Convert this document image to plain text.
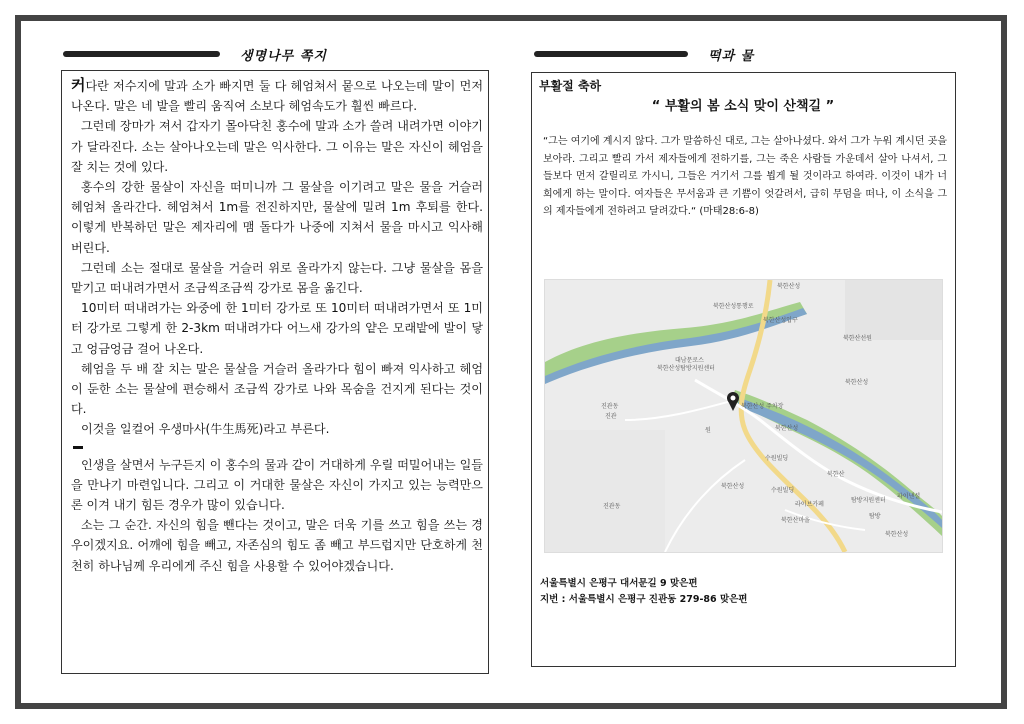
생명나무 쪽지	떡과 물

커다란 저수지에 말과 소가 빠지면 둘 다 헤엄쳐서 뭍으로 나오는데 말이 먼저 나온다. 말은 네 발을 빨리 움직여 소보다 헤엄속도가 훨씬 빠르다.

그런데 장마가 져서 갑자기 몰아닥친 홍수에 말과 소가 쓸려 내려가면 이야기가 달라진다. 소는 살아나오는데 말은 익사한다. 그 이유는 말은 자신이 헤엄을 잘 치는 것에 있다.

홍수의 강한 물살이 자신을 떠미니까 그 물살을 이기려고 말은 물을 거슬러 헤엄쳐 올라간다. 헤엄쳐서 1m를 전진하지만, 물살에 밀려 1m 후퇴를 한다. 이렇게 반복하던 말은 제자리에 맴 돌다가 나중에 지쳐서 물을 마시고 익사해 버린다.

그런데 소는 절대로 물살을 거슬러 위로 올라가지 않는다. 그냥 물살을 몸을 맡기고 떠내려가면서 조금씩조금씩 강가로 몸을 옮긴다.

10미터 떠내려가는 와중에 한 1미터 강가로 또 10미터 떠내려가면서 또 1미터 강가로 그렇게 한 2-3km 떠내려가다 어느새 강가의 얕은 모래밭에 발이 닿고 엉금엉금 걸어 나온다.

헤엄을 두 배 잘 치는 말은 물살을 거슬러 올라가다 힘이 빠져 익사하고 헤엄이 둔한 소는 물살에 편승해서 조금씩 강가로 나와 목숨을 건지게 된다는 것이다.

이것을 일컬어 우생마사(牛生馬死)라고 부른다.

인생을 살면서 누구든지 이 홍수의 물과 같이 거대하게 우릴 떠밀어내는 일들을 만나기 마련입니다. 그리고 이 거대한 물살은 자신이 가지고 있는 능력만으론 이겨 내기 힘든 경우가 많이 있습니다.

소는 그 순간. 자신의 힘을 뺀다는 것이고, 말은 더욱 기를 쓰고 힘을 쓰는 경우이겠지요. 어깨에 힘을 빼고, 자존심의 힘도 좀 빼고 부드럽지만 단호하게 천천히 하나님께 우리에게 주신 힘을 사용할 수 있어야겠습니다.

부활절 축하
“ 부활의 봄 소식 맞이 산책길 ”

“그는 여기에 계시지 않다. 그가 말씀하신 대로, 그는 살아나셨다. 와서 그가 누워 계시던 곳을 보아라. 그리고 빨리 가서 제자들에게 전하기를, 그는 죽은 사람들 가운데서 살아 나셔서, 그들보다 먼저 갈릴리로 가시니, 그들은 거기서 그를 뵙게 될 것이라고 하여라. 이것이 내가 너희에게 하는 말이다. 여자들은 무서움과 큰 기쁨이 엇갈려서, 급히 무덤을 떠나, 이 소식을 그의 제자들에게 전하려고 달려갔다.“ (마태28:6-8)

북한산성
북한산성입구
대남문로스
북한산성탐방지원센터
북한산성통행로
북한산성 주차장
북한산성
북한산성
수원빌딩
라이브카페
북한산마을
진관동
북한산선원
탐방지원센터
북한산
북한산성
진관동
파이낸셜
수원빌딩
진관
탐방
북한산성
원
서울특별시 은평구 대서문길 9 맞은편
지번 : 서울특별시 은평구 진관동 279-86 맞은편
